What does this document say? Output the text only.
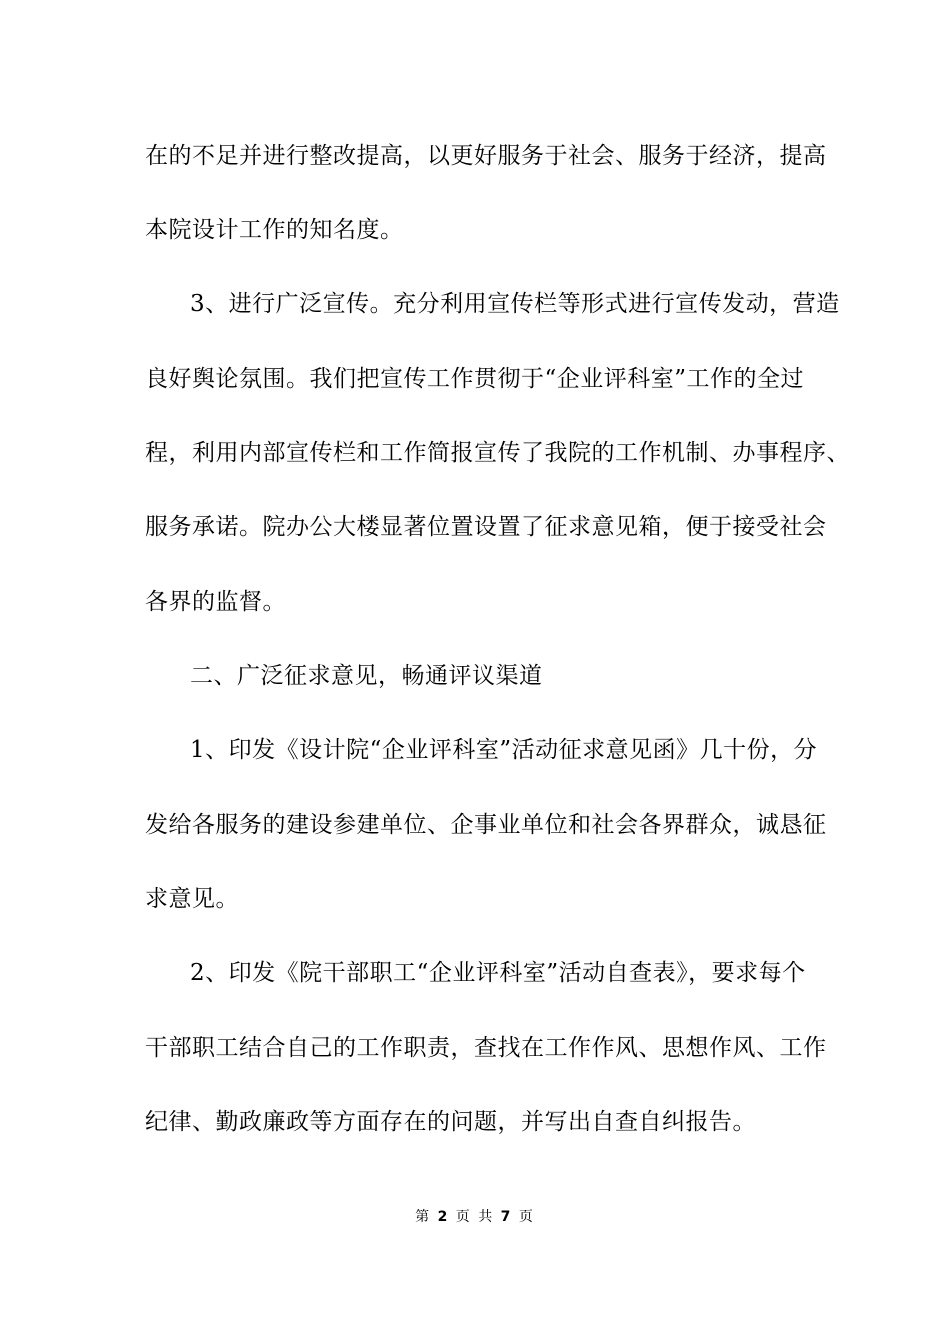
在的不足并进行整改提高，以更好服务于社会、服务于经济，提高
本院设计工作的知名度。
3、进行广泛宣传。充分利用宣传栏等形式进行宣传发动，营造
良好舆论氛围。我们把宣传工作贯彻于“企业评科室”工作的全过
程，利用内部宣传栏和工作简报宣传了我院的工作机制、办事程序、
服务承诺。院办公大楼显著位置设置了征求意见箱，便于接受社会
各界的监督。
二、广泛征求意见，畅通评议渠道
1、印发《设计院“企业评科室”活动征求意见函》几十份，分
发给各服务的建设参建单位、企事业单位和社会各界群众，诚恳征
求意见。
2、印发《院干部职工“企业评科室”活动自查表》，要求每个
干部职工结合自己的工作职责，查找在工作作风、思想作风、工作
纪律、勤政廉政等方面存在的问题，并写出自查自纠报告。
第 2 页 共 7 页
